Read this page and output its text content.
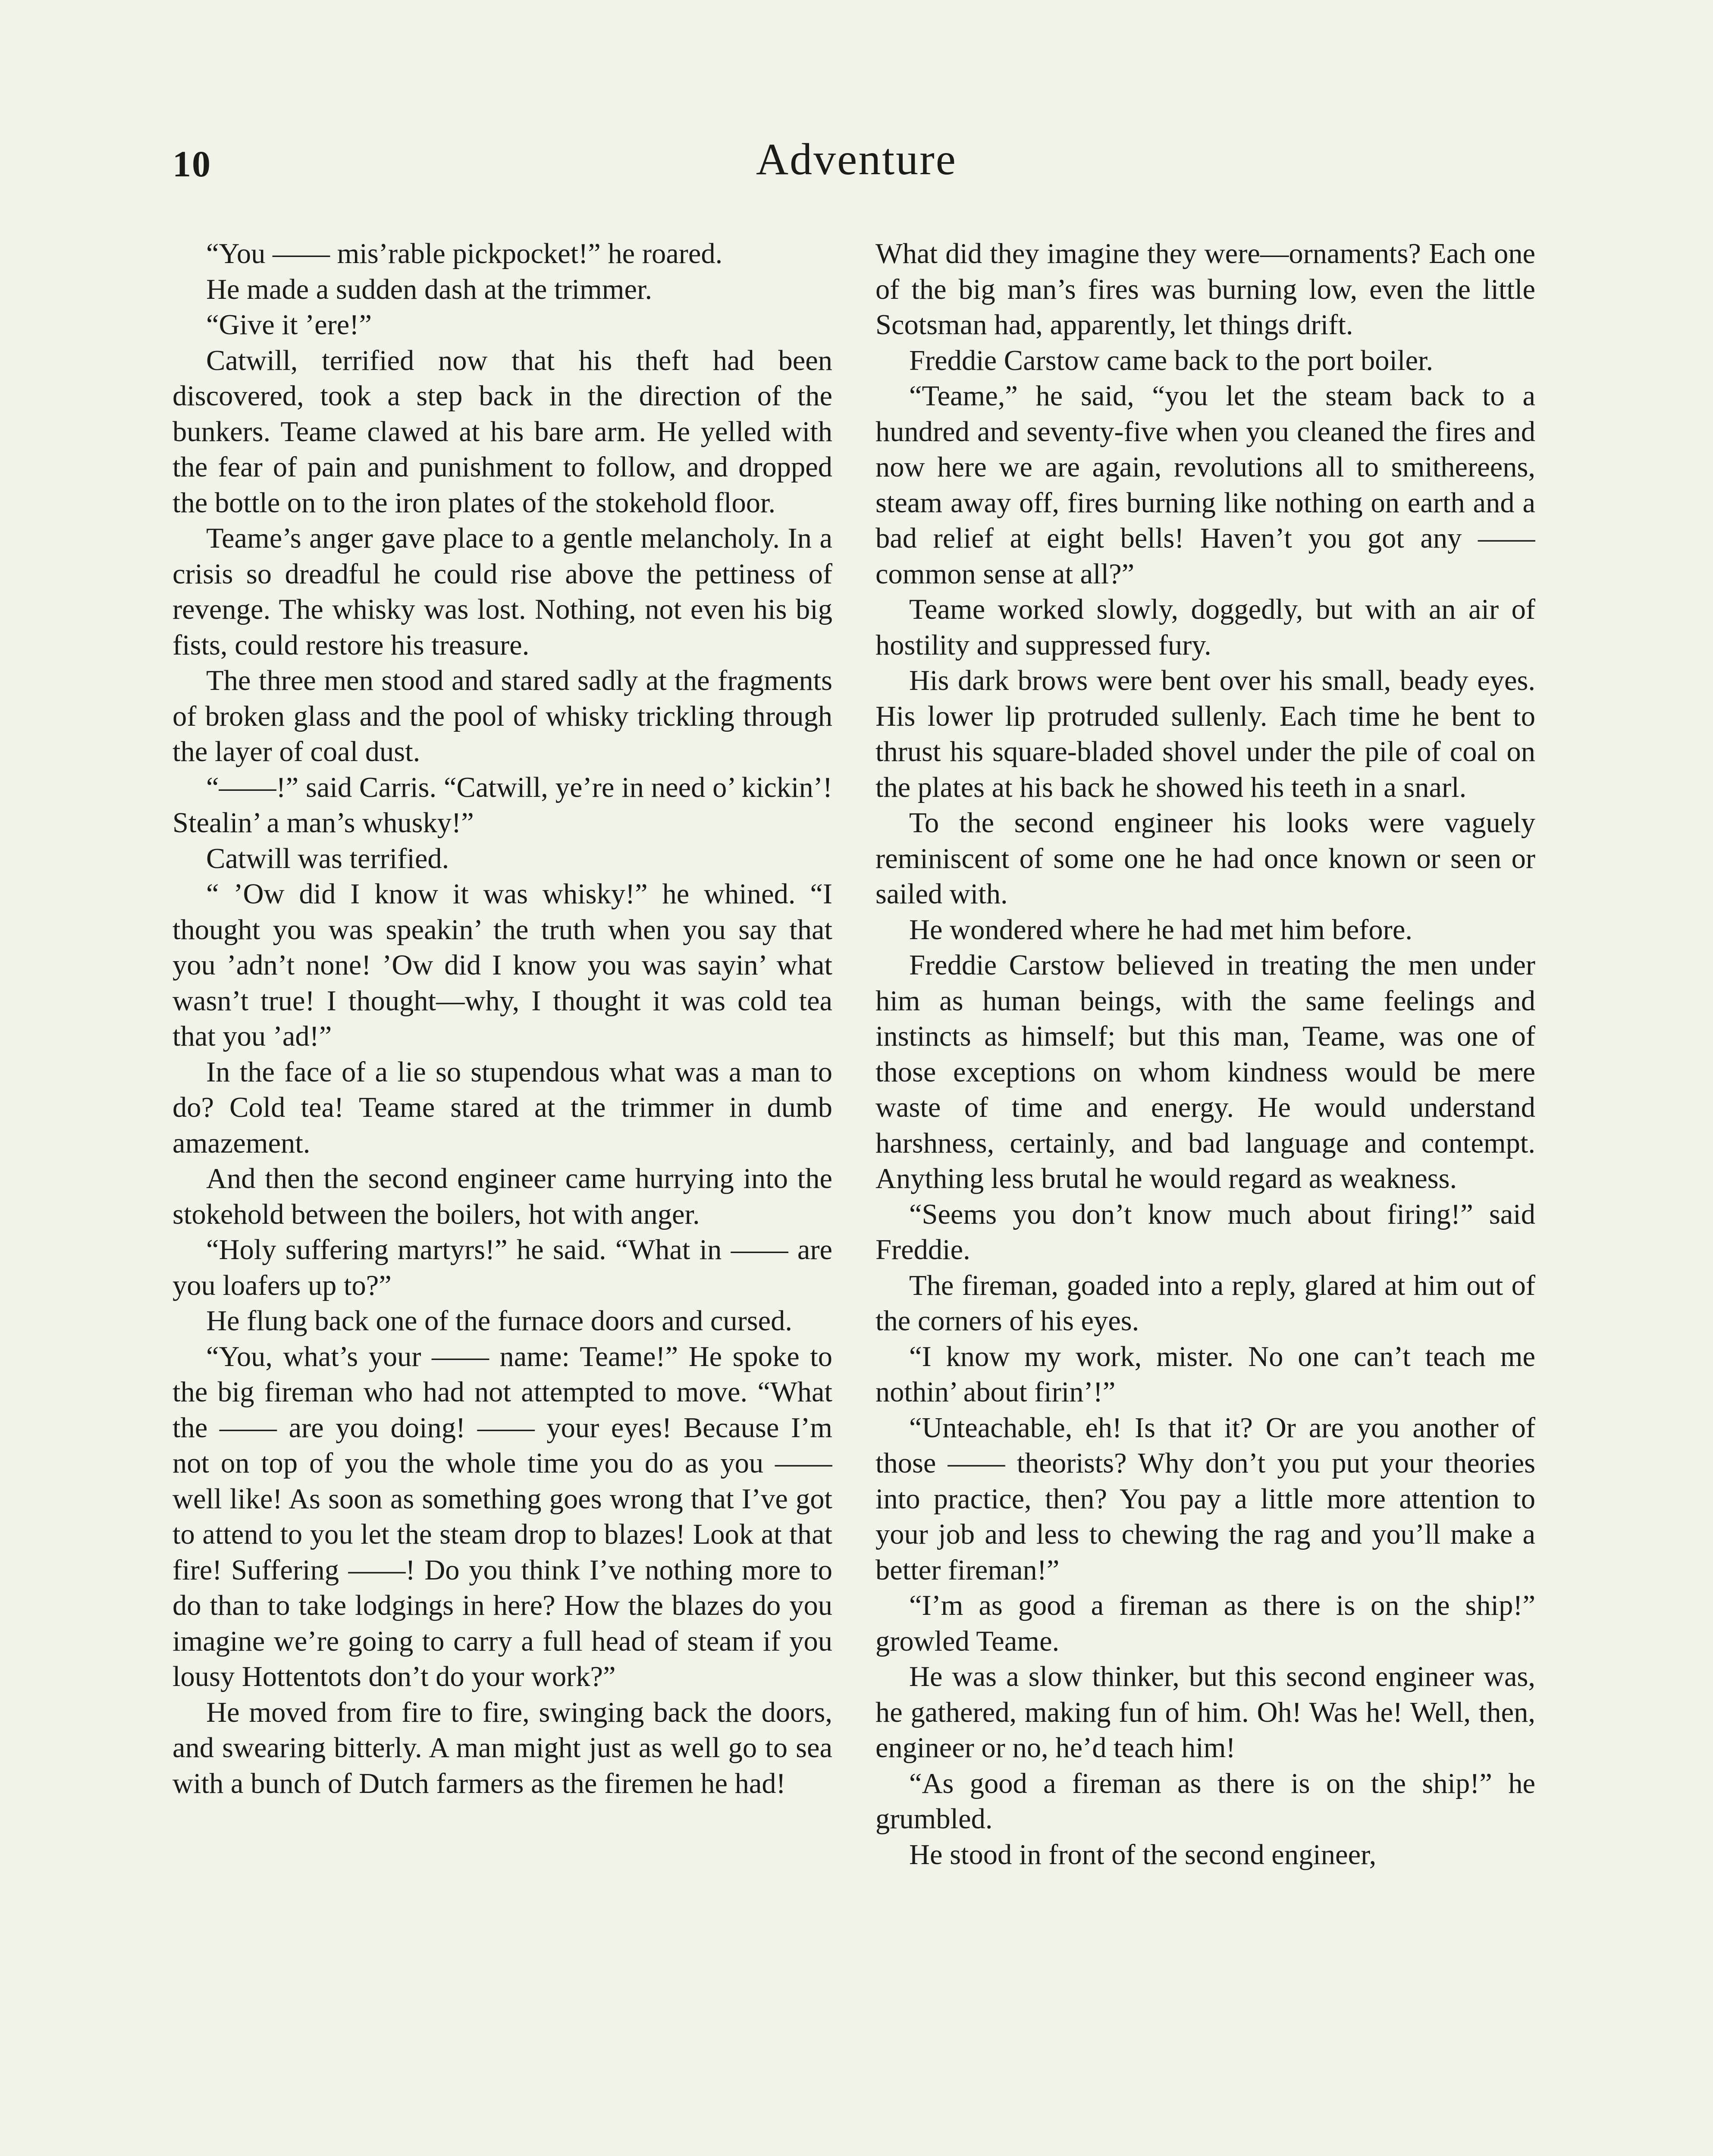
10	Adventure

“You —— mis’rable pickpocket!” he roared.

He made a sudden dash at the trimmer.

“Give it ’ere!”

Catwill, terrified now that his theft had been discovered, took a step back in the direction of the bunkers. Teame clawed at his bare arm. He yelled with the fear of pain and punishment to follow, and dropped the bottle on to the iron plates of the stokehold floor.

Teame’s anger gave place to a gentle melancholy. In a crisis so dreadful he could rise above the pettiness of revenge. The whisky was lost. Nothing, not even his big fists, could restore his treasure.

The three men stood and stared sadly at the fragments of broken glass and the pool of whisky trickling through the layer of coal dust.

“——!” said Carris. “Catwill, ye’re in need o’ kickin’! Stealin’ a man’s whusky!”

Catwill was terrified.

“ ’Ow did I know it was whisky!” he whined. “I thought you was speakin’ the truth when you say that you ’adn’t none! ’Ow did I know you was sayin’ what wasn’t true! I thought—why, I thought it was cold tea that you ’ad!”

In the face of a lie so stupendous what was a man to do? Cold tea! Teame stared at the trimmer in dumb amazement.

And then the second engineer came hurrying into the stokehold between the boilers, hot with anger.

“Holy suffering martyrs!” he said. “What in —— are you loafers up to?”

He flung back one of the furnace doors and cursed.

“You, what’s your —— name: Teame!” He spoke to the big fireman who had not attempted to move. “What the —— are you doing! —— your eyes! Because I’m not on top of you the whole time you do as you —— well like! As soon as something goes wrong that I’ve got to attend to you let the steam drop to blazes! Look at that fire! Suffering ——! Do you think I’ve nothing more to do than to take lodgings in here? How the blazes do you imagine we’re going to carry a full head of steam if you lousy Hottentots don’t do your work?”

He moved from fire to fire, swinging back the doors, and swearing bitterly. A man might just as well go to sea with a bunch of Dutch farmers as the firemen he had!

What did they imagine they were—ornaments? Each one of the big man’s fires was burning low, even the little Scotsman had, apparently, let things drift.

Freddie Carstow came back to the port boiler.

“Teame,” he said, “you let the steam back to a hundred and seventy-five when you cleaned the fires and now here we are again, revolutions all to smithereens, steam away off, fires burning like nothing on earth and a bad relief at eight bells! Haven’t you got any —— common sense at all?”

Teame worked slowly, doggedly, but with an air of hostility and suppressed fury.

His dark brows were bent over his small, beady eyes. His lower lip protruded sullenly. Each time he bent to thrust his square-bladed shovel under the pile of coal on the plates at his back he showed his teeth in a snarl.

To the second engineer his looks were vaguely reminiscent of some one he had once known or seen or sailed with.

He wondered where he had met him before.

Freddie Carstow believed in treating the men under him as human beings, with the same feelings and instincts as himself; but this man, Teame, was one of those exceptions on whom kindness would be mere waste of time and energy. He would understand harshness, certainly, and bad language and contempt. Anything less brutal he would regard as weakness.

“Seems you don’t know much about firing!” said Freddie.

The fireman, goaded into a reply, glared at him out of the corners of his eyes.

“I know my work, mister. No one can’t teach me nothin’ about firin’!”

“Unteachable, eh! Is that it? Or are you another of those —— theorists? Why don’t you put your theories into practice, then? You pay a little more attention to your job and less to chewing the rag and you’ll make a better fireman!”

“I’m as good a fireman as there is on the ship!” growled Teame.

He was a slow thinker, but this second engineer was, he gathered, making fun of him. Oh! Was he! Well, then, engineer or no, he’d teach him!

“As good a fireman as there is on the ship!” he grumbled.

He stood in front of the second engineer,
